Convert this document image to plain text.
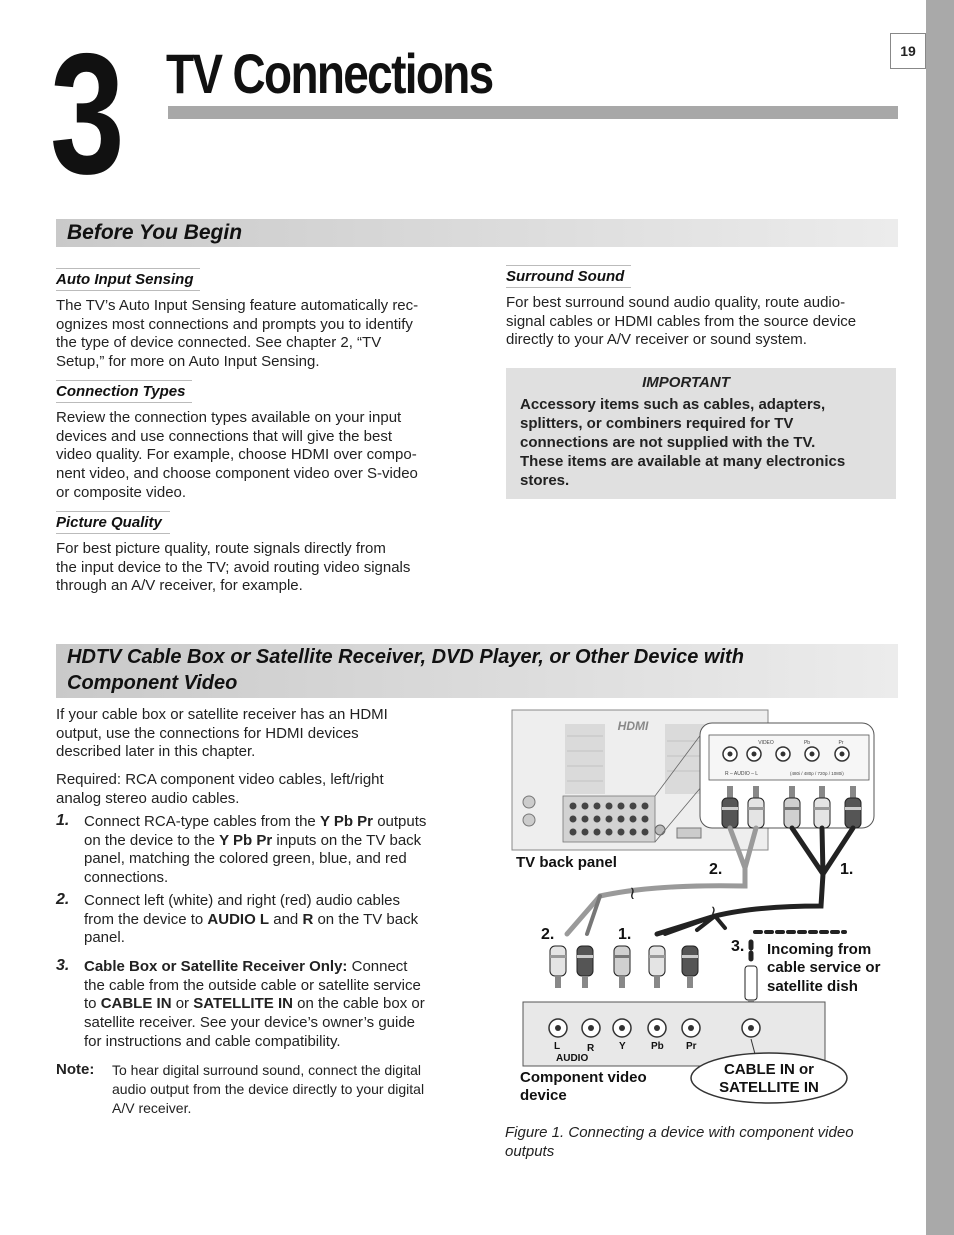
19
3 TV Connections
Before You Begin
Auto Input Sensing

The TV’s Auto Input Sensing feature automatically rec-
ognizes most connections and prompts you to identify
the type of device connected. See chapter 2, “TV
Setup,” for more on Auto Input Sensing.

Connection Types

Review the connection types available on your input
devices and use connections that will give the best
video quality. For example, choose HDMI over compo-
nent video, and choose component video over S-video
or composite video.

Picture Quality

For best picture quality, route signals directly from
the input device to the TV; avoid routing video signals
through an A/V receiver, for example.

Surround Sound

For best surround sound audio quality, route audio-
signal cables or HDMI cables from the source device
directly to your A/V receiver or sound system.

IMPORTANT
Accessory items such as cables, adapters,
splitters, or combiners required for TV
connections are not supplied with the TV.
These items are available at many electronics
stores.
HDTV Cable Box or Satellite Receiver, DVD Player, or Other Device with
Component Video

If your cable box or satellite receiver has an HDMI
output, use the connections for HDMI devices
described later in this chapter.

Required: RCA component video cables, left/right
analog stereo audio cables.

1. Connect RCA-type cables from the Y Pb Pr outputs
on the device to the Y Pb Pr inputs on the TV back
panel, matching the colored green, blue, and red
connections.

2. Connect left (white) and right (red) audio cables
from the device to AUDIO L and R on the TV back
panel.

3. Cable Box or Satellite Receiver Only: Connect
the cable from the outside cable or satellite service
to CABLE IN or SATELLITE IN on the cable box or
satellite receiver. See your device’s owner’s guide
for instructions and cable compatibility.

Note: To hear digital surround sound, connect the digital
audio output from the device directly to your digital
A/V receiver.
HDMI
VIDEO	Pb	Pr
R – AUDIO – L	(480i / 480p / 720p / 1080i)
≀
≀
TV back panel	2.	1.
2.	1.
3. Incoming from
cable service or
satellite dish
L	R Y	Pb Pr
AUDIO
Component video
device
CABLE IN or
SATELLITE IN
Figure 1. Connecting a device with component video
outputs
